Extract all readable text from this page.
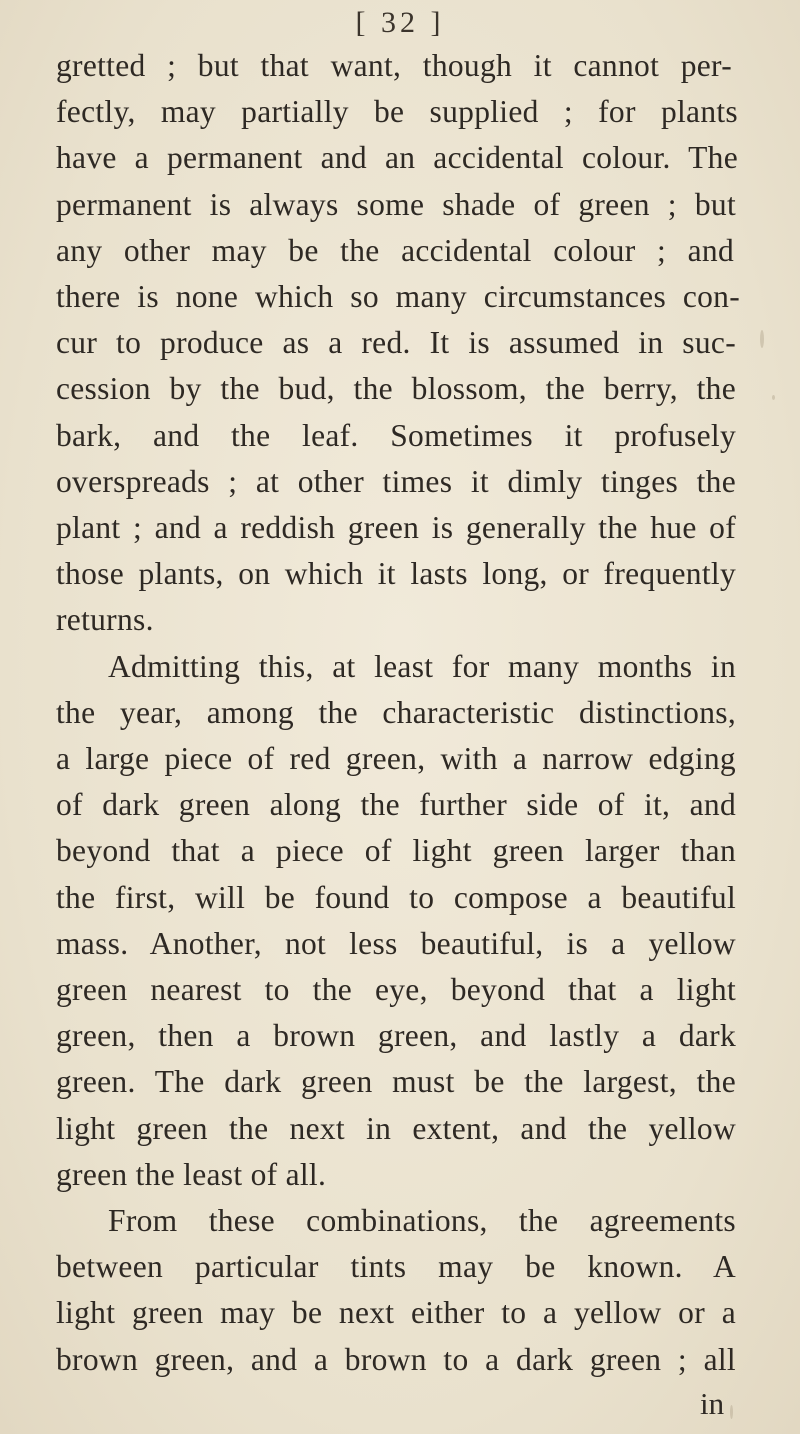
[ 32 ]
gretted ; but that want, though it cannot per-
fectly, may partially be supplied ; for plants
have a permanent and an accidental colour. The
permanent is always some shade of green ; but
any other may be the accidental colour ; and
there is none which so many circumstances con-
cur to produce as a red. It is assumed in suc-
cession by the bud, the blossom, the berry, the
bark, and the leaf. Sometimes it profusely
overspreads ; at other times it dimly tinges the
plant ; and a reddish green is generally the hue of
those plants, on which it lasts long, or frequently
returns.
Admitting this, at least for many months in
the year, among the characteristic distinctions,
a large piece of red green, with a narrow edging
of dark green along the further side of it, and
beyond that a piece of light green larger than
the first, will be found to compose a beautiful
mass. Another, not less beautiful, is a yellow
green nearest to the eye, beyond that a light
green, then a brown green, and lastly a dark
green. The dark green must be the largest, the
light green the next in extent, and the yellow
green the least of all.
From these combinations, the agreements
between particular tints may be known. A
light green may be next either to a yellow or a
brown green, and a brown to a dark green ; all
in
